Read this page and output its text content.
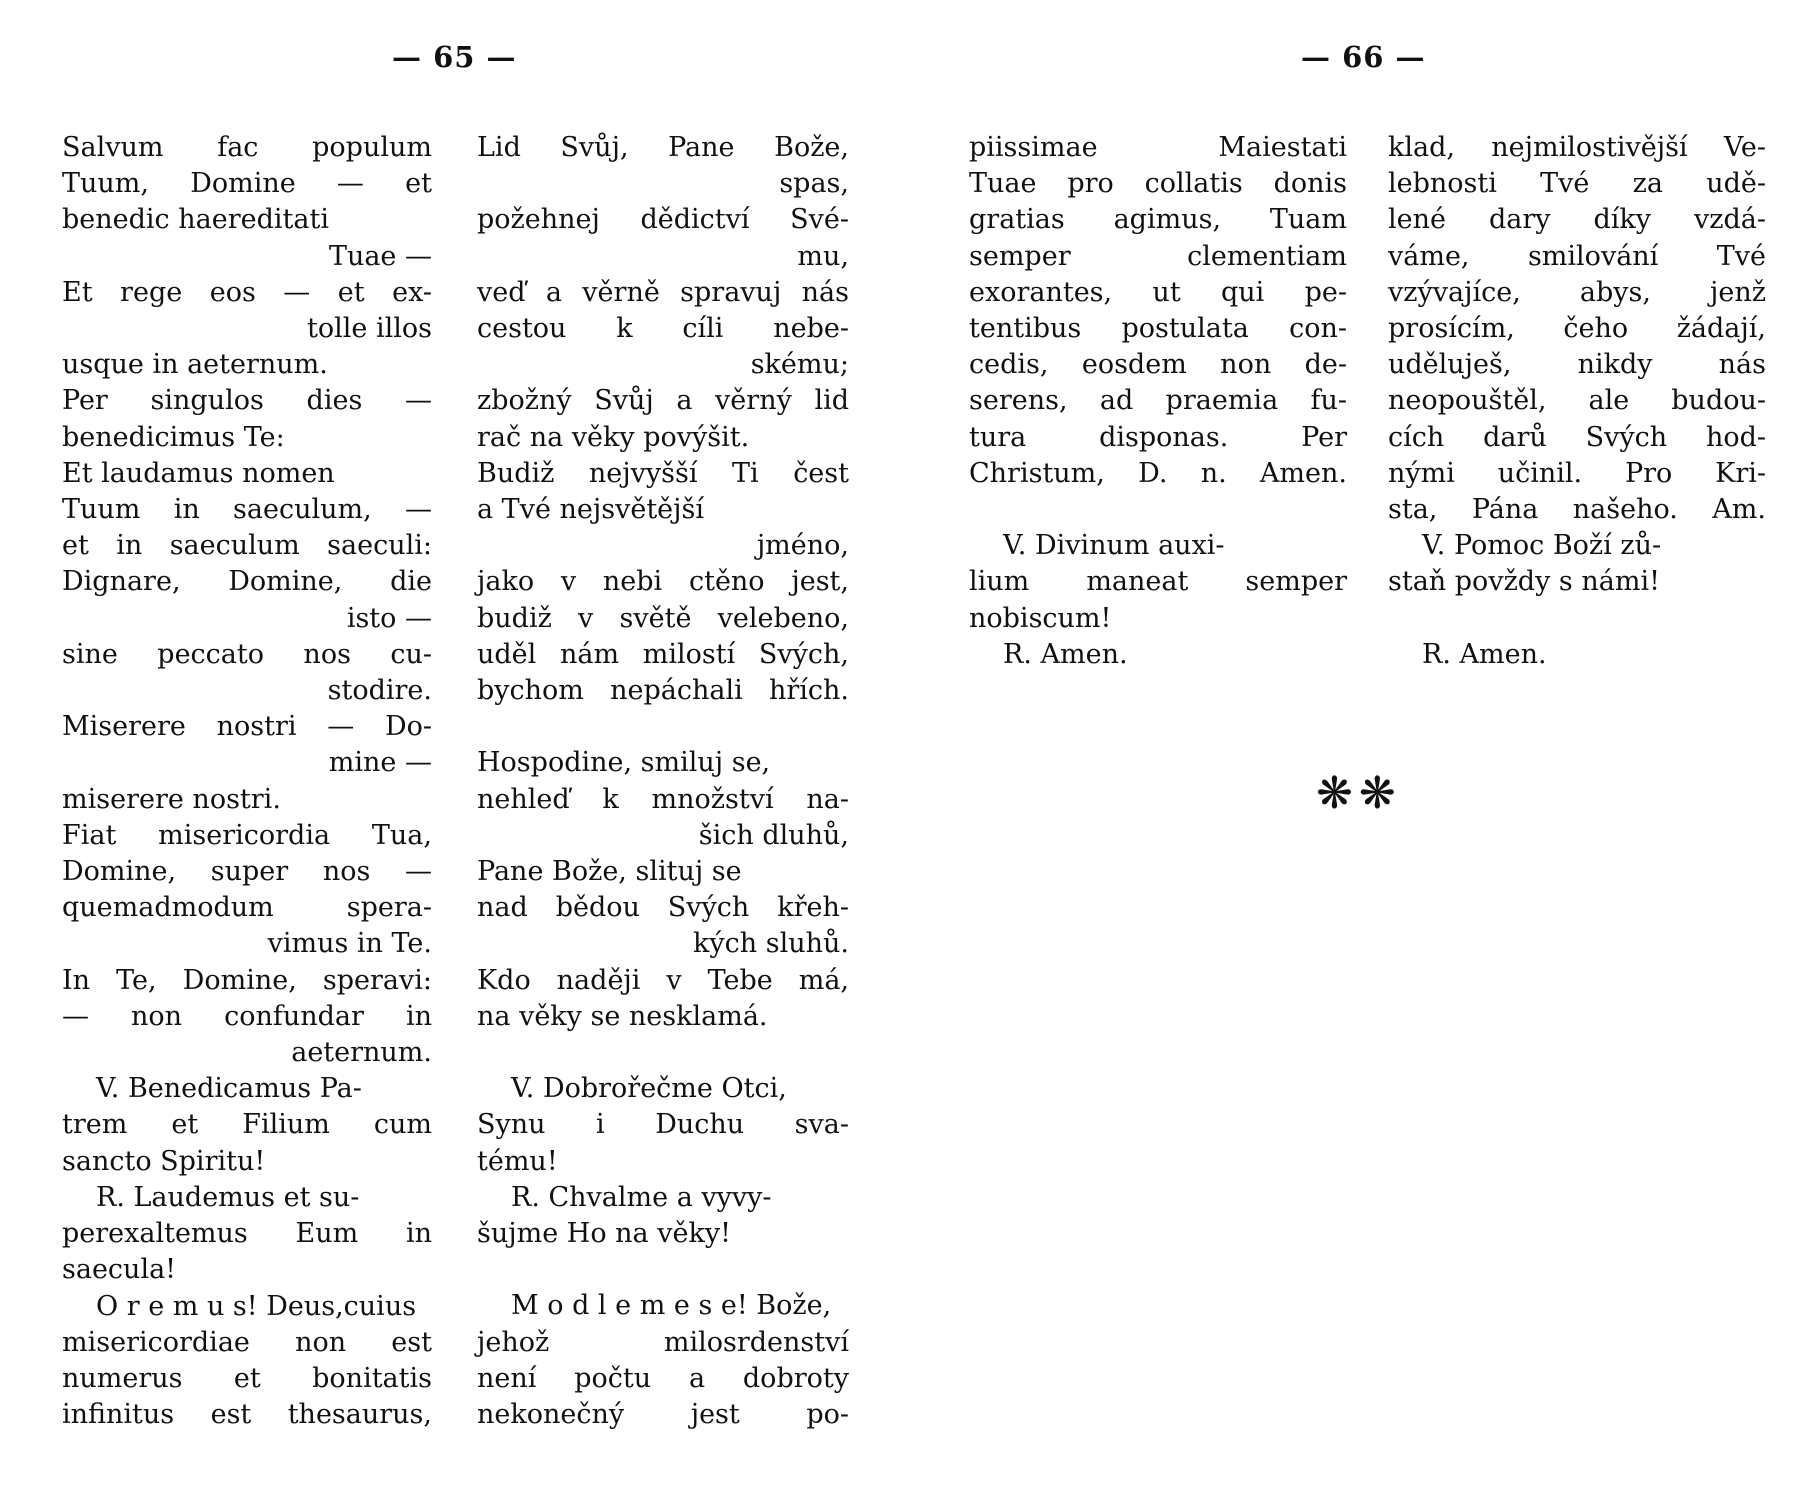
— 65 —	— 66 —
Salvum fac populum
Tuum, Domine — et
benedic haereditati
Tuae —
Et rege eos — et ex-
tolle illos
usque in aeternum.
Per singulos dies —
benedicimus Te:
Et laudamus nomen
Tuum in saeculum, —
et in saeculum saeculi:
Dignare, Domine, die
isto —
sine peccato nos cu-
stodire.
Miserere nostri — Do-
mine —
miserere nostri.
Fiat misericordia Tua,
Domine, super nos —
quemadmodum spera-
vimus in Te.
In Te, Domine, speravi:
— non confundar in
aeternum.
V. Benedicamus Pa-
trem et Filium cum
sancto Spiritu!
R. Laudemus et su-
perexaltemus Eum in
saecula!
O r e m u s! Deus,cuius
misericordiae non est
numerus et bonitatis
infinitus est thesaurus,
Lid Svůj, Pane Bože,
spas,
požehnej dědictví Své-
mu,
veď a věrně spravuj nás
cestou k cíli nebe-
skému;
zbožný Svůj a věrný lid
rač na věky povýšit.
Budiž nejvyšší Ti čest
a Tvé nejsvětější
jméno,
jako v nebi ctěno jest,
budiž v světě velebeno,
uděl nám milostí Svých,
bychom nepáchali hřích.
Hospodine, smiluj se,
nehleď k množství na-
šich dluhů,
Pane Bože, slituj se
nad bědou Svých křeh-
kých sluhů.
Kdo naději v Tebe má,
na věky se nesklamá.
V. Dobrořečme Otci,
Synu i Duchu sva-
tému!
R. Chvalme a vyvy-
šujme Ho na věky!
M o d l e m e s e! Bože,
jehož milosrdenství
není počtu a dobroty
nekonečný jest po-
piissimae Maiestati
Tuae pro collatis donis
gratias agimus, Tuam
semper clementiam
exorantes, ut qui pe-
tentibus postulata con-
cedis, eosdem non de-
serens, ad praemia fu-
tura disponas. Per
Christum, D. n. Amen.
V. Divinum auxi-
lium maneat semper
nobiscum!
R. Amen.
klad, nejmilostivější Ve-
lebnosti Tvé za udě-
lené dary díky vzdá-
váme, smilování Tvé
vzývajíce, abys, jenž
prosícím, čeho žádají,
uděluješ, nikdy nás
neopouštěl, ale budou-
cích darů Svých hod-
nými učinil. Pro Kri-
sta, Pána našeho. Am.
V. Pomoc Boží zů-
staň povždy s námi!
R. Amen.
❋❋
